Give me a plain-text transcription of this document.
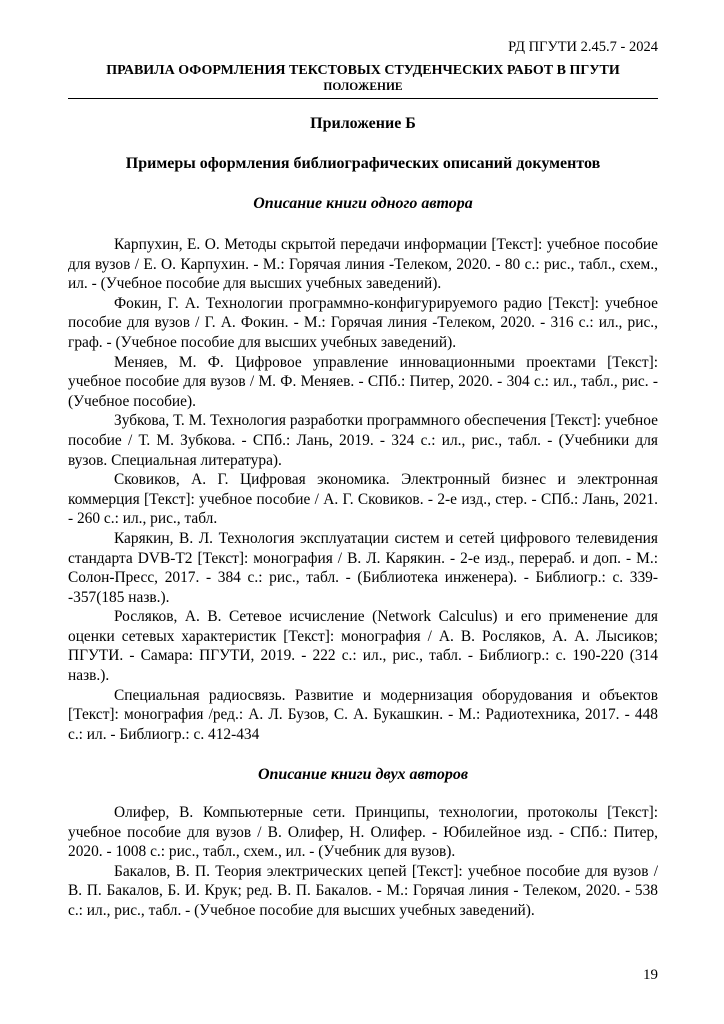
РД ПГУТИ 2.45.7 - 2024
ПРАВИЛА ОФОРМЛЕНИЯ ТЕКСТОВЫХ СТУДЕНЧЕСКИХ РАБОТ В ПГУТИ
ПОЛОЖЕНИЕ
Приложение Б
Примеры оформления библиографических описаний документов
Описание книги одного автора

Карпухин, Е. О. Методы скрытой передачи информации [Текст]: учебное пособие для вузов / Е. О. Карпухин. - М.: Горячая линия -Телеком, 2020. - 80 с.: рис., табл., схем., ил. - (Учебное пособие для высших учебных заведений).

Фокин, Г. А. Технологии программно-конфигурируемого радио [Текст]: учебное пособие для вузов / Г. А. Фокин. - М.: Горячая линия -Телеком, 2020. - 316 с.: ил., рис., граф. - (Учебное пособие для высших учебных заведений).

Меняев, М. Ф. Цифровое управление инновационными проектами [Текст]: учебное пособие для вузов / М. Ф. Меняев. - СПб.: Питер, 2020. - 304 с.: ил., табл., рис. - (Учебное пособие).

Зубкова, Т. М. Технология разработки программного обеспечения [Текст]: учебное пособие / Т. М. Зубкова. - СПб.: Лань, 2019. - 324 с.: ил., рис., табл. - (Учебники для вузов. Специальная литература).

Сковиков, А. Г. Цифровая экономика. Электронный бизнес и электронная коммерция [Текст]: учебное пособие / А. Г. Сковиков. - 2-е изд., стер. - СПб.: Лань, 2021. - 260 с.: ил., рис., табл.

Карякин, В. Л. Технология эксплуатации систем и сетей цифрового телевидения стандарта DVB-T2 [Текст]: монография / В. Л. Карякин. - 2-е изд., перераб. и доп. - М.: Солон-Пресс, 2017. - 384 с.: рис., табл. - (Библиотека инженера). - Библиогр.: с. 339--357(185 назв.).

Росляков, А. В. Сетевое исчисление (Network Calculus) и его применение для оценки сетевых характеристик [Текст]: монография / А. В. Росляков, А. А. Лысиков; ПГУТИ. - Самара: ПГУТИ, 2019. - 222 с.: ил., рис., табл. - Библиогр.: с. 190-220 (314 назв.).

Специальная радиосвязь. Развитие и модернизация оборудования и объектов [Текст]: монография /ред.: А. Л. Бузов, С. А. Букашкин. - М.: Радиотехника, 2017. - 448 с.: ил. - Библиогр.: с. 412-434

Описание книги двух авторов

Олифер, В. Компьютерные сети. Принципы, технологии, протоколы [Текст]: учебное пособие для вузов / В. Олифер, Н. Олифер. - Юбилейное изд. - СПб.: Питер, 2020. - 1008 с.: рис., табл., схем., ил. - (Учебник для вузов).

Бакалов, В. П. Теория электрических цепей [Текст]: учебное пособие для вузов / В. П. Бакалов, Б. И. Крук; ред. В. П. Бакалов. - М.: Горячая линия - Телеком, 2020. - 538 с.: ил., рис., табл. - (Учебное пособие для высших учебных заведений).

19
